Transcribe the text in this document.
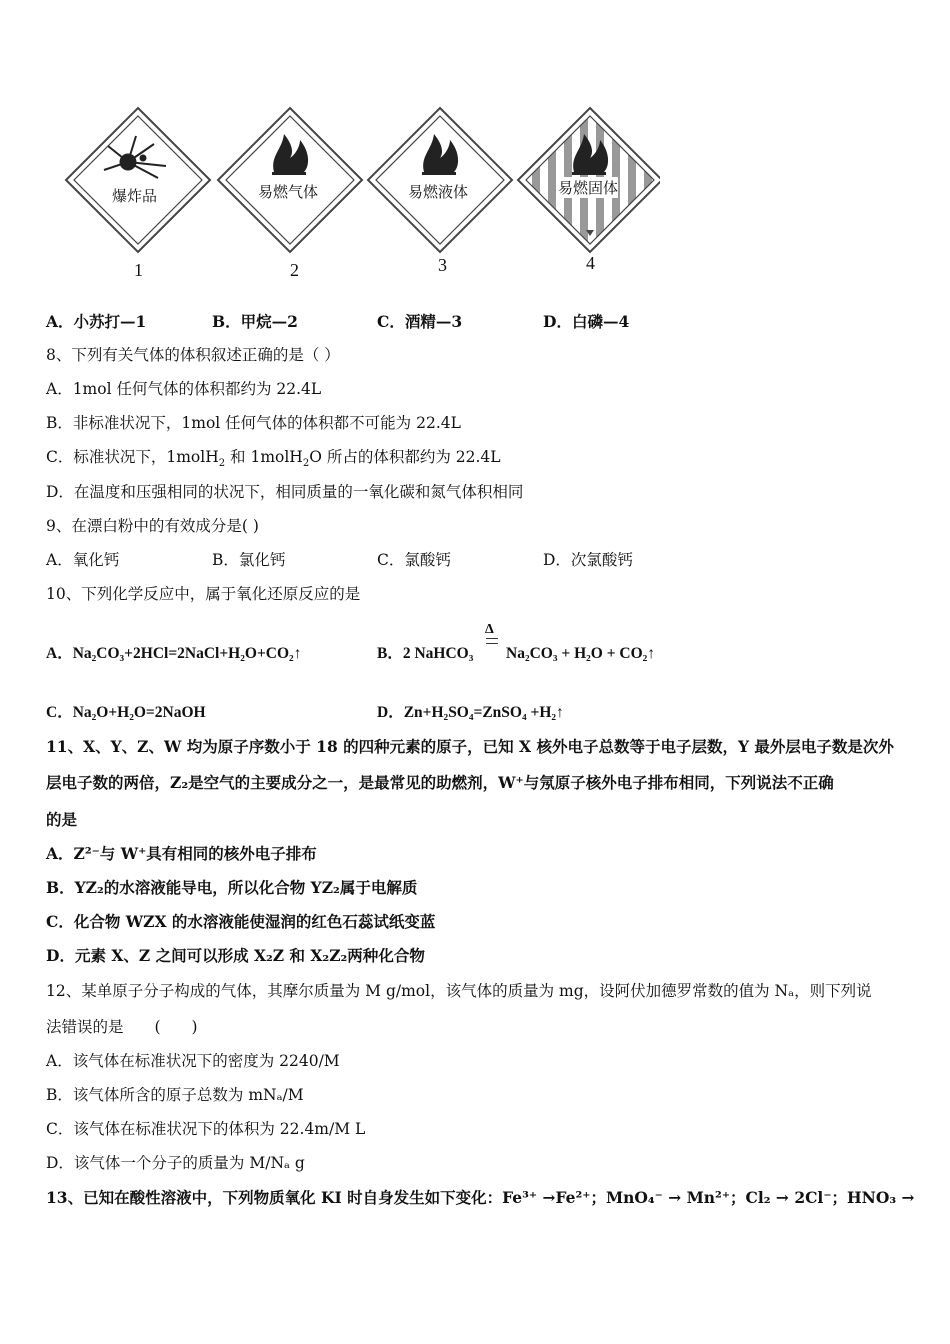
爆炸品	易燃气体	易燃液体	易燃固体
1	2	3	4
A．小苏打—1	B．甲烷—2	C．酒精—3	D．白磷—4
8、下列有关气体的体积叙述正确的是（ ）
A．1mol 任何气体的体积都约为 22.4L
B．非标准状况下，1mol 任何气体的体积都不可能为 22.4L
C．标准状况下，1molH$_2$ 和 1molH$_2$O 所占的体积都约为 22.4L
D．在温度和压强相同的状况下，相同质量的一氧化碳和氮气体积相同
9、在漂白粉中的有效成分是( )
A．氧化钙	B．氯化钙	C．氯酸钙	D．次氯酸钙
10、下列化学反应中，属于氧化还原反应的是
Δ
A．Na₂CO₃+2HCl=2NaCl+H₂O+CO₂↑	B．2 NaHCO₃ Na₂CO₃ + H₂O + CO₂↑
C．Na₂O+H₂O=2NaOH	D．Zn+H₂SO₄=ZnSO₄ +H₂↑
11、X、Y、Z、W 均为原子序数小于 18 的四种元素的原子，已知 X 核外电子总数等于电子层数，Y 最外层电子数是次外
层电子数的两倍，Z₂是空气的主要成分之一，是最常见的助燃剂，W⁺与氖原子核外电子排布相同，下列说法不正确
的是
A．Z²⁻与 W⁺具有相同的核外电子排布
B．YZ₂的水溶液能导电，所以化合物 YZ₂属于电解质
C．化合物 WZX 的水溶液能使湿润的红色石蕊试纸变蓝
D．元素 X、Z 之间可以形成 X₂Z 和 X₂Z₂两种化合物
12、某单原子分子构成的气体，其摩尔质量为 M g/mol，该气体的质量为 mg，设阿伏加德罗常数的值为 Nₐ，则下列说
法错误的是　　(　　)
A．该气体在标准状况下的密度为 2240/M
B．该气体所含的原子总数为 mNₐ/M
C．该气体在标准状况下的体积为 22.4m/M L
D．该气体一个分子的质量为 M/Nₐ g
13、已知在酸性溶液中，下列物质氧化 KI 时自身发生如下变化：Fe³⁺ →Fe²⁺；MnO₄⁻ → Mn²⁺；Cl₂ → 2Cl⁻；HNO₃ →
